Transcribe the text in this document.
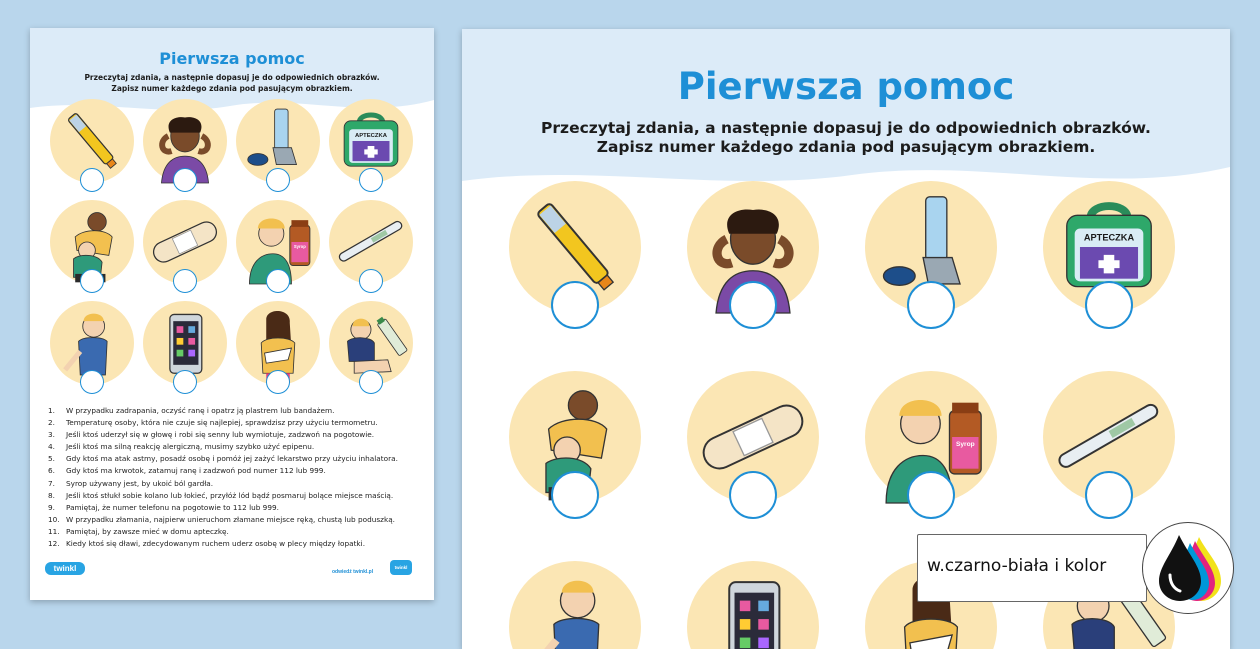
Pierwsza pomoc
Przeczytaj zdania, a następnie dopasuj je do odpowiednich obrazków.
Zapisz numer każdego zdania pod pasującym obrazkiem.
APTECZKA
Syrop
1. W przypadku zadrapania, oczyść ranę i opatrz ją plastrem lub bandażem.
2. Temperaturę osoby, która nie czuje się najlepiej, sprawdzisz przy użyciu termometru.
3. Jeśli ktoś uderzył się w głowę i robi się senny lub wymiotuje, zadzwoń na pogotowie.
4. Jeśli ktoś ma silną reakcję alergiczną, musimy szybko użyć epipenu.
5. Gdy ktoś ma atak astmy, posadź osobę i pomóż jej zażyć lekarstwo przy użyciu inhalatora.
6. Gdy ktoś ma krwotok, zatamuj ranę i zadzwoń pod numer 112 lub 999.
7. Syrop używany jest, by ukoić ból gardła.
8. Jeśli ktoś stłukł sobie kolano lub łokieć, przyłóż lód bądź posmaruj bolące miejsce maścią.
9. Pamiętaj, że numer telefonu na pogotowie to 112 lub 999.
10. W przypadku złamania, najpierw unieruchom złamane miejsce ręką, chustą lub poduszką.
11. Pamiętaj, by zawsze mieć w domu apteczkę.
12. Kiedy ktoś się dławi, zdecydowanym ruchem uderz osobę w plecy między łopatki.
twinkl	odwiedź twinkl.pl
twinkl
Pierwsza pomoc
Przeczytaj zdania, a następnie dopasuj je do odpowiednich obrazków.
Zapisz numer każdego zdania pod pasującym obrazkiem.
APTECZKA
Syrop
w.czarno-biała i kolor
